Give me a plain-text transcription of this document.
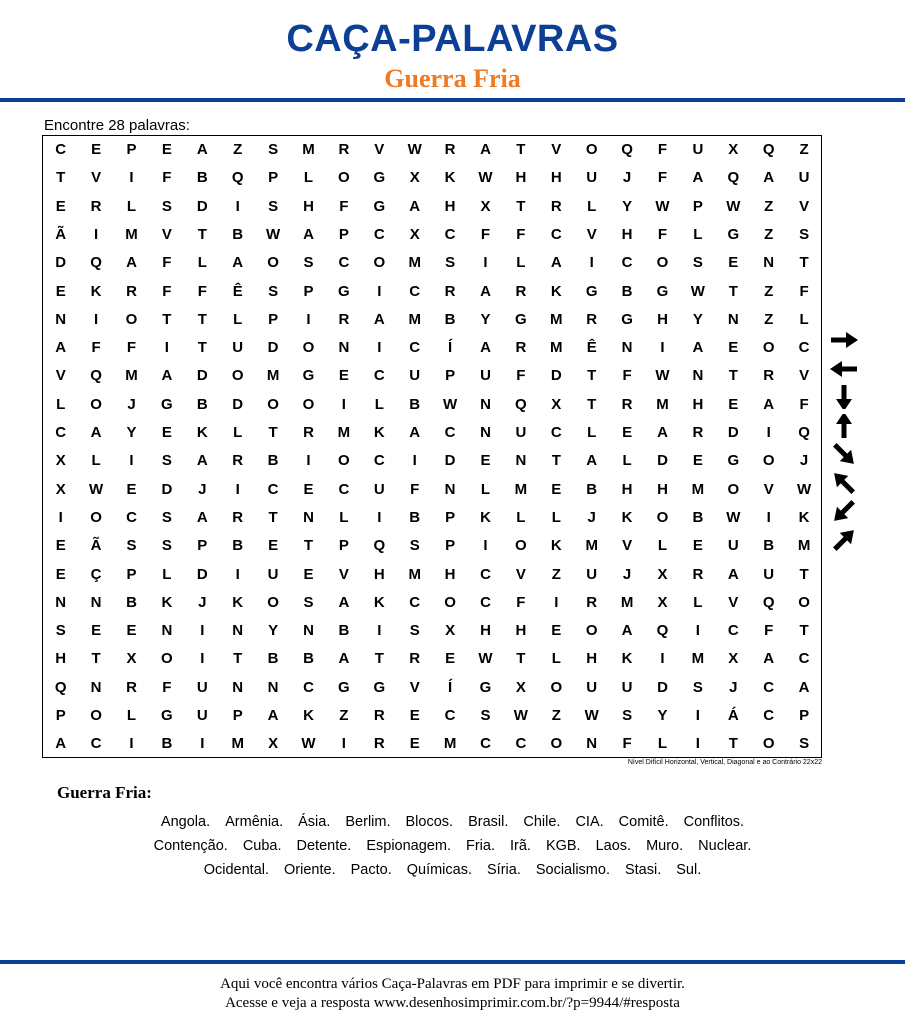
CAÇA-PALAVRAS
Guerra Fria
Encontre 28 palavras:
C	E	P	E	A	Z	S	M	R	V	W	R	A	T	V	O	Q	F	U	X	Q	Z
T	V	I	F	B	Q	P	L	O	G	X	K	W	H	H	U	J	F	A	Q	A	U
E	R	L	S	D	I	S	H	F	G	A	H	X	T	R	L	Y	W	P	W	Z	V
Ã	I	M	V	T	B	W	A	P	C	X	C	F	F	C	V	H	F	L	G	Z	S
D	Q	A	F	L	A	O	S	C	O	M	S	I	L	A	I	C	O	S	E	N	T
E	K	R	F	F	Ê	S	P	G	I	C	R	A	R	K	G	B	G	W	T	Z	F
N	I	O	T	T	L	P	I	R	A	M	B	Y	G	M	R	G	H	Y	N	Z	L
A	F	F	I	T	U	D	O	N	I	C	Í	A	R	M	Ê	N	I	A	E	O	C
V	Q	M	A	D	O	M	G	E	C	U	P	U	F	D	T	F	W	N	T	R	V
L	O	J	G	B	D	O	O	I	L	B	W	N	Q	X	T	R	M	H	E	A	F
C	A	Y	E	K	L	T	R	M	K	A	C	N	U	C	L	E	A	R	D	I	Q
X	L	I	S	A	R	B	I	O	C	I	D	E	N	T	A	L	D	E	G	O	J
X	W	E	D	J	I	C	E	C	U	F	N	L	M	E	B	H	H	M	O	V	W
I	O	C	S	A	R	T	N	L	I	B	P	K	L	L	J	K	O	B	W	I	K
E	Ã	S	S	P	B	E	T	P	Q	S	P	I	O	K	M	V	L	E	U	B	M
E	Ç	P	L	D	I	U	E	V	H	M	H	C	V	Z	U	J	X	R	A	U	T
N	N	B	K	J	K	O	S	A	K	C	O	C	F	I	R	M	X	L	V	Q	O
S	E	E	N	I	N	Y	N	B	I	S	X	H	H	E	O	A	Q	I	C	F	T
H	T	X	O	I	T	B	B	A	T	R	E	W	T	L	H	K	I	M	X	A	C
Q	N	R	F	U	N	N	C	G	G	V	Í	G	X	O	U	U	D	S	J	C	A
P	O	L	G	U	P	A	K	Z	R	E	C	S	W	Z	W	S	Y	I	Á	C	P
A	C	I	B	I	M	X	W	I	R	E	M	C	C	O	N	F	L	I	T	O	S
Nível Difícil Horizontal, Vertical, Diagonal e ao Contrário 22x22
Guerra Fria:
Angola. Armênia. Ásia. Berlim. Blocos. Brasil. Chile. CIA. Comitê. Conflitos.
Contenção. Cuba. Detente. Espionagem. Fria. Irã. KGB. Laos. Muro. Nuclear.
Ocidental. Oriente. Pacto. Químicas. Síria. Socialismo. Stasi. Sul.
Aqui você encontra vários Caça-Palavras em PDF para imprimir e se divertir.
Acesse e veja a resposta www.desenhosimprimir.com.br/?p=9944/#resposta
